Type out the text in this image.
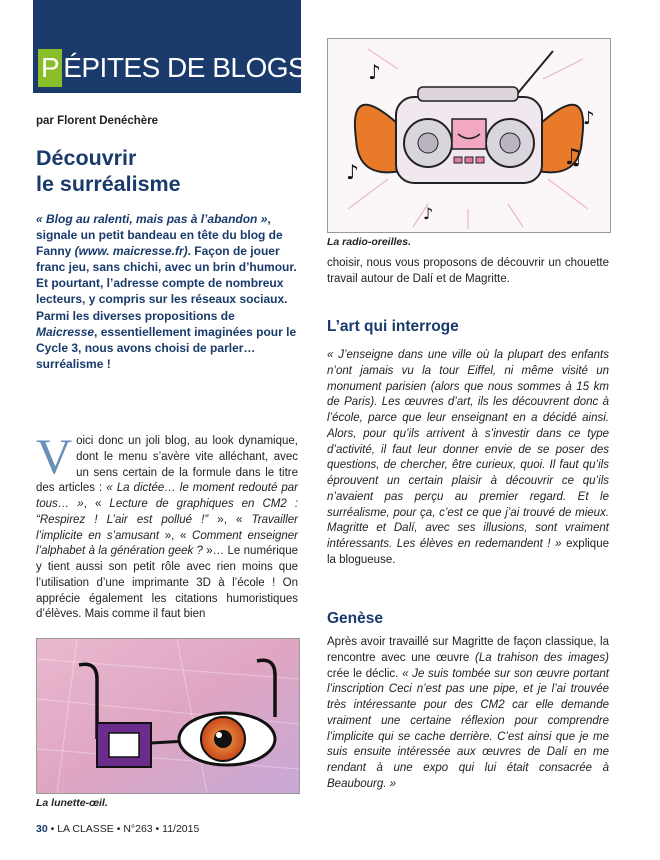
P ÉPITES DE BLOGS
par Florent Denéchère
Découvrir
le surréalisme
« Blog au ralenti, mais pas à l’abandon », signale un petit bandeau en tête du blog de Fanny (www. maicresse.fr). Façon de jouer franc jeu, sans chichi, avec un brin d’humour. Et pourtant, l’adresse compte de nombreux lecteurs, y compris sur les réseaux sociaux. Parmi les diverses propositions de Maicresse, essentiellement imaginées pour le Cycle 3, nous avons choisi de parler… surréalisme !
Voici donc un joli blog, au look dynamique, dont le menu s’avère vite alléchant, avec un sens certain de la formule dans le titre des articles : « La dictée… le moment redouté par tous… », « Lecture de graphiques en CM2 : “Respirez ! L’air est pollué !” », « Travailler l’implicite en s’amusant », « Comment enseigner l’alphabet à la génération geek ? »… Le numérique y tient aussi son petit rôle avec rien moins que l’utilisation d’une imprimante 3D à l’école ! On apprécie également les citations humoristiques d’élèves. Mais comme il faut bien
La lunette-œil.
♪
♪
♫
♪
♪
La radio-oreilles.
choisir, nous vous proposons de découvrir un chouette travail autour de Dalí et de Magritte.
L’art qui interroge
« J’enseigne dans une ville où la plupart des enfants n’ont jamais vu la tour Eiffel, ni même visité un monument parisien (alors que nous sommes à 15 km de Paris). Les œuvres d’art, ils les découvrent donc à l’école, parce que leur enseignant en a décidé ainsi. Alors, pour qu’ils arrivent à s’investir dans ce type d’activité, il faut leur donner envie de se poser des questions, de chercher, être curieux, quoi. Il faut qu’ils éprouvent un certain plaisir à découvrir ce qu’ils n’avaient pas perçu au premier regard. Et le surréalisme, pour ça, c’est ce que j’ai trouvé de mieux. Magritte et Dalí, avec ses illusions, sont vraiment intéressants. Les élèves en redemandent ! » explique la blogueuse.
Genèse
Après avoir travaillé sur Magritte de façon classique, la rencontre avec une œuvre (La trahison des images) crée le déclic. « Je suis tombée sur son œuvre portant l’inscription Ceci n’est pas une pipe, et je l’ai trouvée très intéressante pour des CM2 car elle demande vraiment une certaine réflexion pour comprendre l’implicite qui se cache derrière. C’est ainsi que je me suis ensuite intéressée aux œuvres de Dalí en me rendant à une expo qui lui était consacrée à Beaubourg. »
30 • LA CLASSE • N°263 • 11/2015
